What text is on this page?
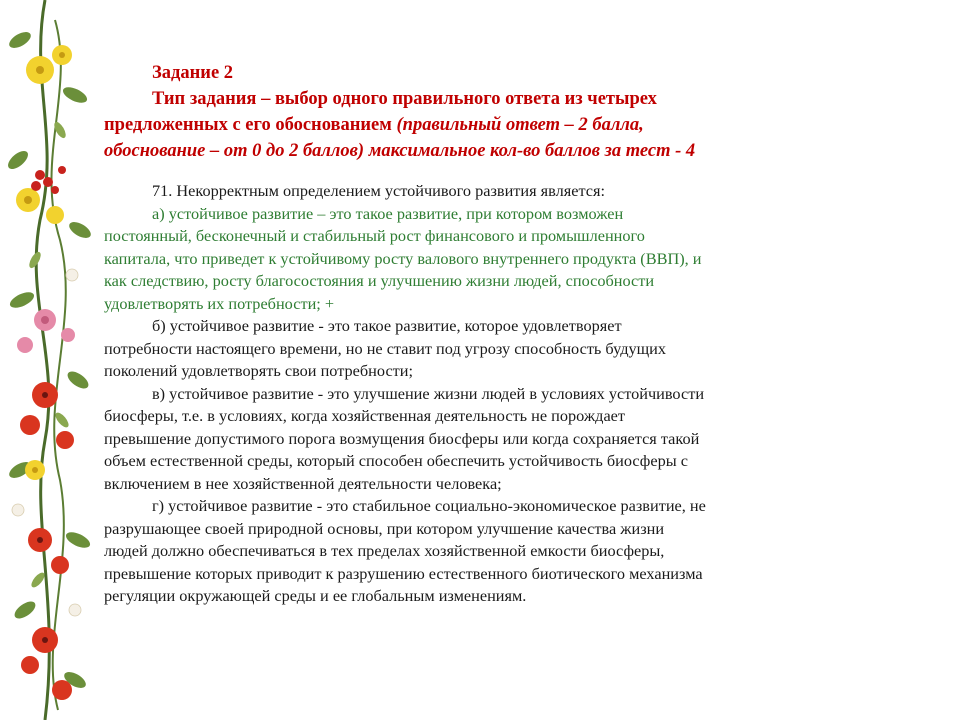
Задание 2
Тип задания – выбор одного правильного ответа из четырех
предложенных с его обоснованием (правильный ответ – 2 балла,
обоснование – от 0 до 2 баллов) максимальное кол-во баллов за тест - 4

71. Некорректным определением устойчивого развития является:

а) устойчивое развитие – это такое развитие, при котором возможен
постоянный, бесконечный и стабильный рост финансового и промышленного
капитала, что приведет к устойчивому росту валового внутреннего продукта (ВВП), и
как следствию, росту благосостояния и улучшению жизни людей, способности
удовлетворять их потребности; +
б) устойчивое развитие - это такое развитие, которое удовлетворяет
потребности настоящего времени, но не ставит под угрозу способность будущих
поколений удовлетворять свои потребности;
в) устойчивое развитие - это улучшение жизни людей в условиях устойчивости
биосферы, т.е. в условиях, когда хозяйственная деятельность не порождает
превышение допустимого порога возмущения биосферы или когда сохраняется такой
объем естественной среды, который способен обеспечить устойчивость биосферы с
включением в нее хозяйственной деятельности человека;
г) устойчивое развитие - это стабильное социально-экономическое развитие, не
разрушающее своей природной основы, при котором улучшение качества жизни
людей должно обеспечиваться в тех пределах хозяйственной емкости биосферы,
превышение которых приводит к разрушению естественного биотического механизма
регуляции окружающей среды и ее глобальным изменениям.
